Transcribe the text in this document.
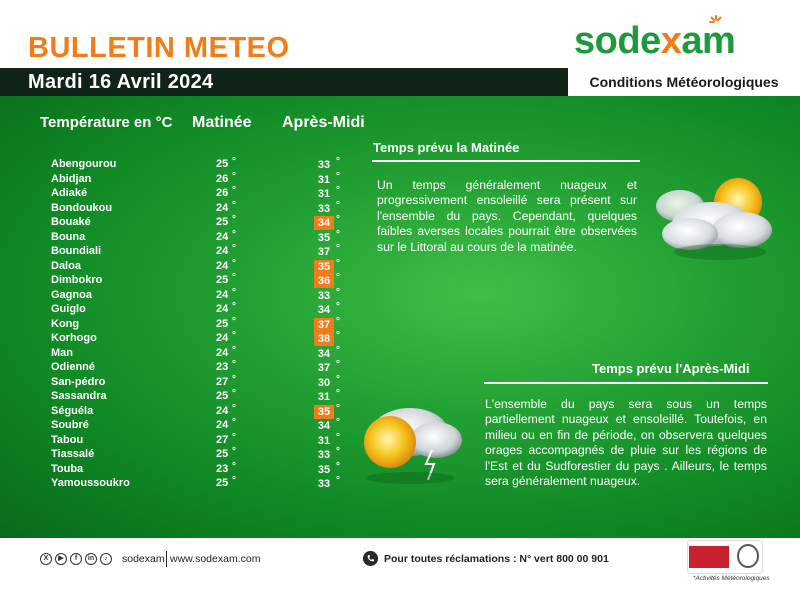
BULLETIN METEO	sodexam
Mardi 16 Avril 2024	Conditions Météorologiques
Température en °C Matinée Après-Midi
Abengourou	25 °	33 °
Abidjan	26 °	31 °
Adiaké	26 °	31 °
Bondoukou	24 °	33 °
Bouaké	25 °	34 °
Bouna	24 °	35 °
Boundiali	24 °	37 °
Daloa	24 °	35 °
Dimbokro	25 °	36 °
Gagnoa	24 °	33 °
Guiglo	24 °	34 °
Kong	25 °	37 °
Korhogo	24 °	38 °
Man	24 °	34 °
Odienné	23 °	37 °
San-pédro	27 °	30 °
Sassandra	25 °	31 °
Séguéla	24 °	35 °
Soubré	24 °	34 °
Tabou	27 °	31 °
Tiassalé	25 °	33 °
Touba	23 °	35 °
Yamoussoukro	25 °	33 °
Temps prévu la Matinée
Un temps généralement nuageux et progressivement ensoleillé sera présent sur l'ensemble du pays. Cependant, quelques faibles averses locales pourrait être observées sur le Littoral au cours de la matinée.
Temps prévu l'Après-Midi
L'ensemble du pays sera sous un temps partiellement nuageux et ensoleillé. Toutefois, en milieu ou en fin de période, on observera quelques orages accompagnés de pluie sur les régions de l'Est et du Sudforestier du pays . Ailleurs, le temps sera généralement nuageux.
X	▶	f	in	♪	sodexam www.sodexam.com	Pour toutes réclamations : N° vert 800 00 901
*Activités Météorologiques
